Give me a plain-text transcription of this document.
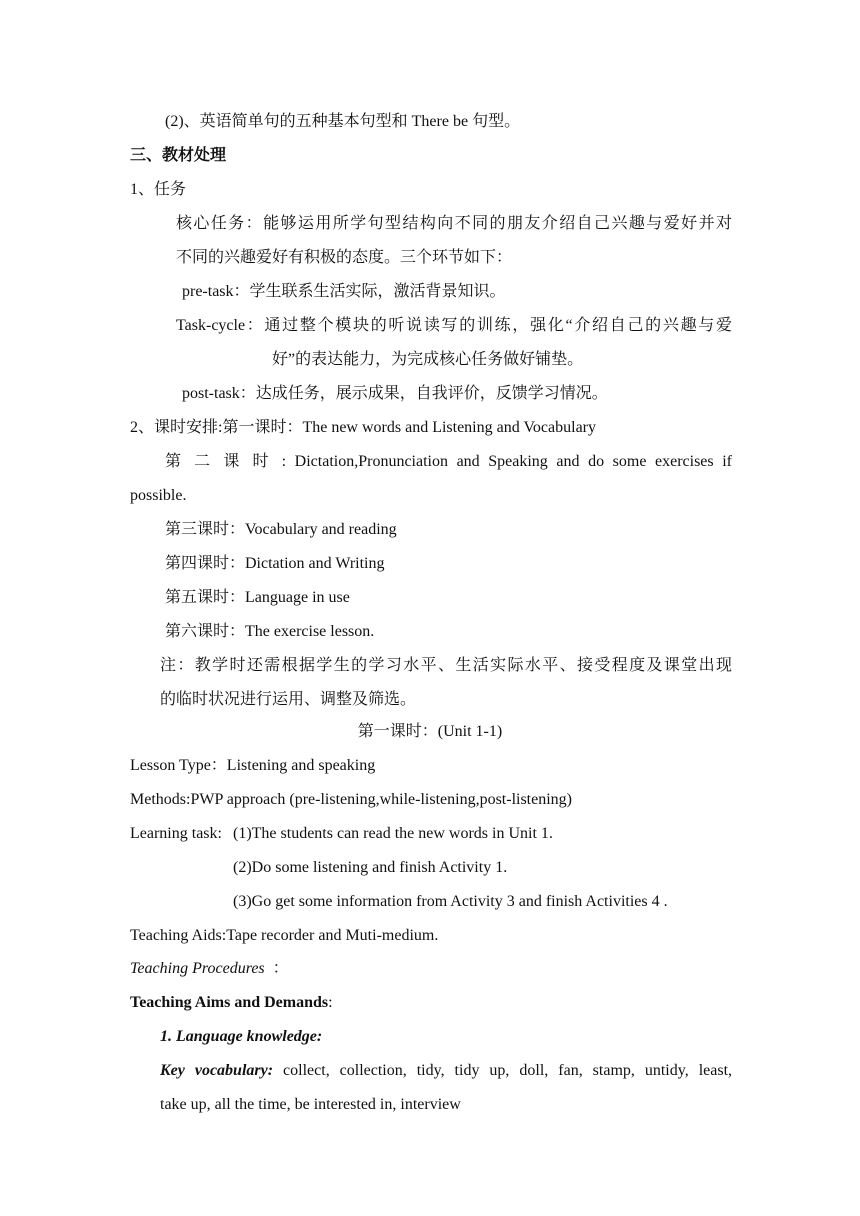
(2)、英语简单句的五种基本句型和 There be 句型。
三、教材处理
1、任务
核心任务：能够运用所学句型结构向不同的朋友介绍自己兴趣与爱好并对
不同的兴趣爱好有积极的态度。三个环节如下：
pre-task：学生联系生活实际，激活背景知识。
Task-cycle：通过整个模块的听说读写的训练，强化“介绍自己的兴趣与爱
好”的表达能力，为完成核心任务做好铺垫。
post-task：达成任务，展示成果，自我评价，反馈学习情况。
2、课时安排:第一课时：The new words and Listening and Vocabulary
第 二 课 时 : Dictation,Pronunciation and Speaking and do some exercises if
possible.
第三课时：Vocabulary and reading
第四课时：Dictation and Writing
第五课时：Language in use
第六课时：The exercise lesson.
注：教学时还需根据学生的学习水平、生活实际水平、接受程度及课堂出现
的临时状况进行运用、调整及筛选。
第一课时：(Unit 1-1)
Lesson Type：Listening and speaking
Methods:PWP approach (pre-listening,while-listening,post-listening)
Learning task: (1)The students can read the new words in Unit 1.
(2)Do some listening and finish Activity 1.
(3)Go get some information from Activity 3 and finish Activities 4 .
Teaching Aids:Tape recorder and Muti-medium.
Teaching Procedures ：
Teaching Aims and Demands:
1. Language knowledge:
Key vocabulary: collect, collection, tidy, tidy up, doll, fan, stamp, untidy, least,
take up, all the time, be interested in, interview
